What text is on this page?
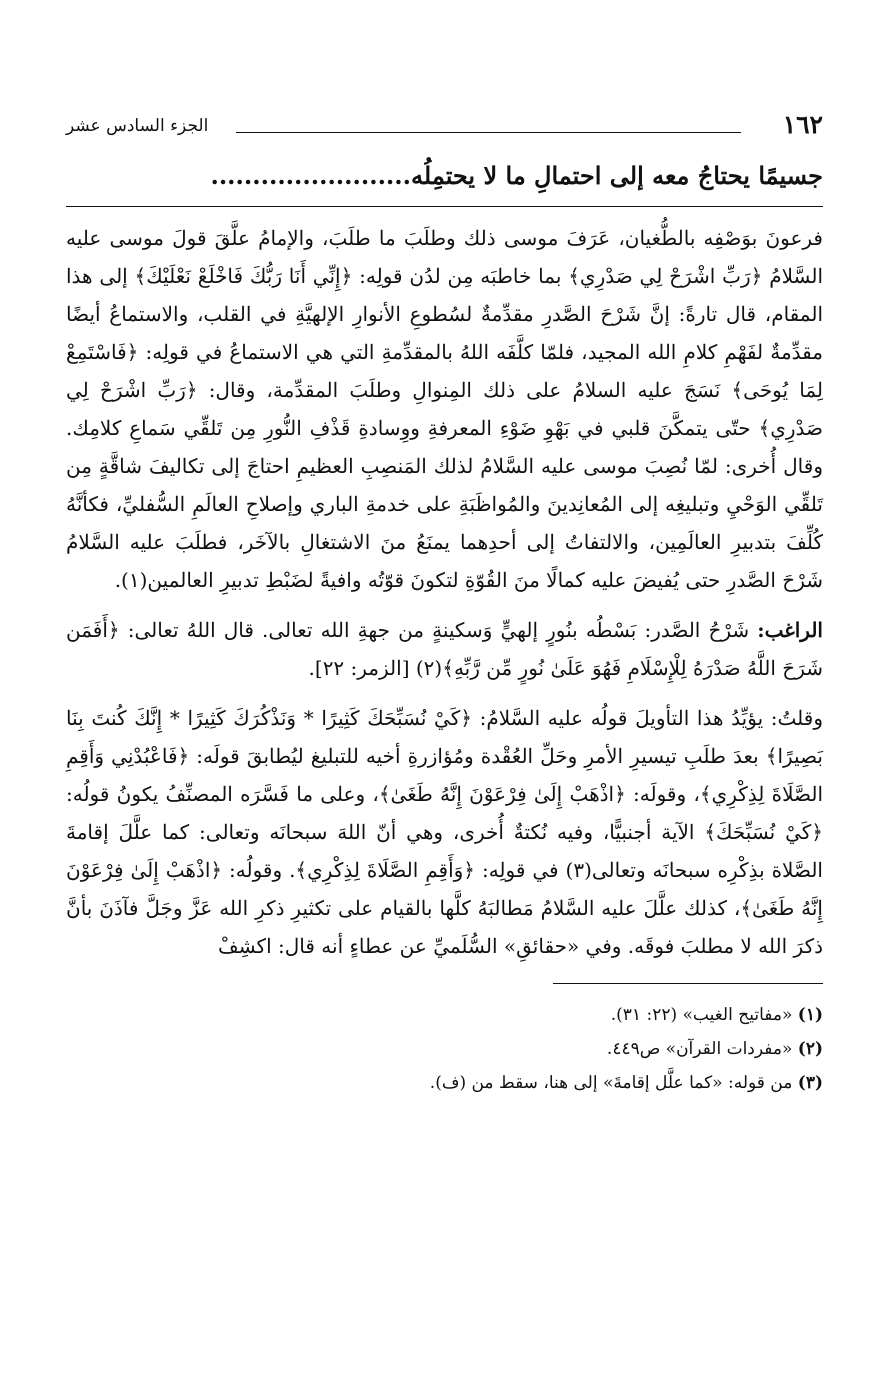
١٦٢
الجزء السادس عشر
جسيمًا يحتاجُ معه إلى احتمالِ ما لا يحتمِلُه........................

فرعونَ بوَصْفِه بالطُّغيان، عَرَفَ موسى ذلك وطلَبَ ما طلَبَ، والإمامُ علَّقَ قولَ موسى عليه السَّلامُ ﴿رَبِّ اشْرَحْ لِي صَدْرِي﴾ بما خاطبَه مِن لدُن قولِه: ﴿إِنِّي أَنَا رَبُّكَ فَاخْلَعْ نَعْلَيْكَ﴾ إلى هذا المقام، قال تارةً: إنَّ شَرْحَ الصَّدرِ مقدِّمةٌ لسُطوعِ الأنوارِ الإلهيَّةِ في القلب، والاستماعُ أيضًا مقدِّمةٌ لفَهْمِ كلامِ الله المجيد، فلمّا كلَّفَه اللهُ بالمقدِّمةِ التي هي الاستماعُ في قولِه: ﴿فَاسْتَمِعْ لِمَا يُوحَى﴾ نَسَجَ عليه السلامُ على ذلك المِنوالِ وطلَبَ المقدِّمة، وقال: ﴿رَبِّ اشْرَحْ لِي صَدْرِي﴾ حتّى يتمكَّنَ قلبي في بَهْوِ ضَوْءِ المعرفةِ ووِسادةِ قَذْفِ النُّورِ مِن تَلقِّي سَماعِ كلامِك. وقال أُخرى: لمّا نُصِبَ موسى عليه السَّلامُ لذلك المَنصِبِ العظيمِ احتاجَ إلى تكاليفَ شاقَّةٍ مِن تَلقِّي الوَحْيِ وتبليغِه إلى المُعانِدينَ والمُواظَبَةِ على خدمةِ الباري وإصلاحِ العالَمِ السُّفليِّ، فكأنَّهُ كُلِّفَ بتدبيرِ العالَمِين، والالتفاتُ إلى أحدِهما يمنَعُ منَ الاشتغالِ بالآخَر، فطلَبَ عليه السَّلامُ شَرْحَ الصَّدرِ حتى يُفيضَ عليه كمالًا منَ القُوّةِ لتكونَ قوّتُه وافيةً لضَبْطِ تدبيرِ العالمين(١).

الراغب: شَرْحُ الصَّدر: بَسْطُه بنُورٍ إلهيٍّ وَسكينةٍ من جهةِ الله تعالى. قال اللهُ تعالى: ﴿أَفَمَن شَرَحَ اللَّهُ صَدْرَهُ لِلْإِسْلَامِ فَهُوَ عَلَىٰ نُورٍ مِّن رَّبِّهِ﴾(٢) [الزمر: ٢٢].

وقلتُ: يؤيِّدُ هذا التأويلَ قولُه عليه السَّلامُ: ﴿كَيْ نُسَبِّحَكَ كَثِيرًا * وَنَذْكُرَكَ كَثِيرًا * إِنَّكَ كُنتَ بِنَا بَصِيرًا﴾ بعدَ طلَبِ تيسيرِ الأمرِ وحَلِّ العُقْدة ومُؤازرةِ أخيه للتبليغ ليُطابقَ قولَه: ﴿فَاعْبُدْنِي وَأَقِمِ الصَّلَاةَ لِذِكْرِي﴾، وقولَه: ﴿اذْهَبْ إِلَىٰ فِرْعَوْنَ إِنَّهُ طَغَىٰ﴾، وعلى ما فَسَّرَه المصنِّفُ يكونُ قولُه: ﴿كَيْ نُسَبِّحَكَ﴾ الآية أجنبيًّا، وفيه نُكتةٌ أُخرى، وهي أنّ اللهَ سبحانَه وتعالى: كما علَّلَ إقامةَ الصَّلاة بذِكْرِه سبحانَه وتعالى(٣) في قولِه: ﴿وَأَقِمِ الصَّلَاةَ لِذِكْرِي﴾. وقولُه: ﴿اذْهَبْ إِلَىٰ فِرْعَوْنَ إِنَّهُ طَغَىٰ﴾، كذلك علَّلَ عليه السَّلامُ مَطالبَهُ كلَّها بالقيام على تكثيرِ ذكرِ الله عَزَّ وجَلَّ فآذَنَ بأنَّ ذكرَ الله لا مطلبَ فوقَه. وفي «حقائقِ» السُّلَميِّ عن عطاءٍ أنه قال: اكشِفْ

(١) «مفاتيح الغيب» (٢٢: ٣١).
(٢) «مفردات القرآن» ص٤٤٩.
(٣) من قوله: «كما علَّل إقامةَ» إلى هنا، سقط من (ف).
